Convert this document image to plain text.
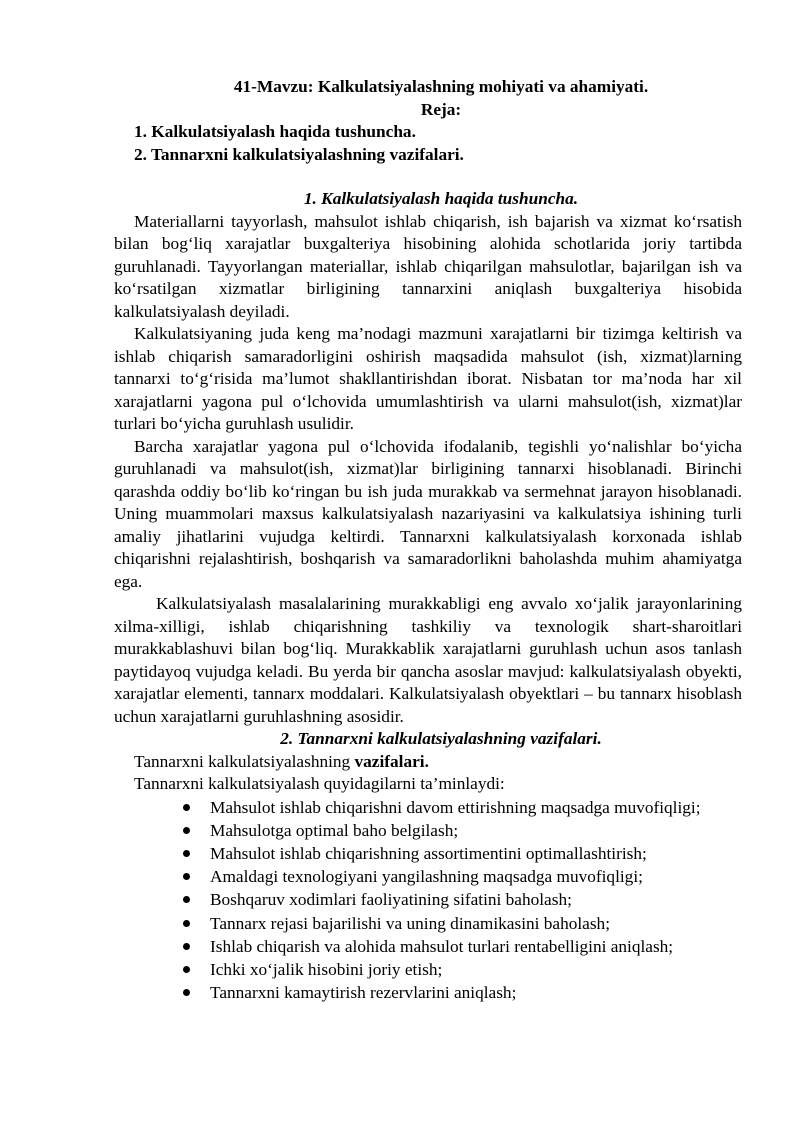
41-Mavzu: Kalkulatsiyalashning mohiyati va ahamiyati.

Reja:

1. Kalkulatsiyalash haqida tushuncha.

2. Tannarxni kalkulatsiyalashning vazifalari.

1. Kalkulatsiyalash haqida tushuncha.

Materiallarni tayyorlash, mahsulot ishlab chiqarish, ish bajarish va xizmat ko‘rsatish bilan bog‘liq xarajatlar buxgalteriya hisobining alohida schotlarida joriy tartibda guruhlanadi. Tayyorlangan materiallar, ishlab chiqarilgan mahsulotlar, bajarilgan ish va ko‘rsatilgan xizmatlar birligining tannarxini aniqlash buxgalteriya hisobida kalkulatsiyalash deyiladi.

Kalkulatsiyaning juda keng ma’nodagi mazmuni xarajatlarni bir tizimga keltirish va ishlab chiqarish samaradorligini oshirish maqsadida mahsulot (ish, xizmat)larning tannarxi to‘g‘risida ma’lumot shakllantirishdan iborat. Nisbatan tor ma’noda har xil xarajatlarni yagona pul o‘lchovida umumlashtirish va ularni mahsulot(ish, xizmat)lar turlari bo‘yicha guruhlash usulidir.

Barcha xarajatlar yagona pul o‘lchovida ifodalanib, tegishli yo‘nalishlar bo‘yicha guruhlanadi va mahsulot(ish, xizmat)lar birligining tannarxi hisoblanadi. Birinchi qarashda oddiy bo‘lib ko‘ringan bu ish juda murakkab va sermehnat jarayon hisoblanadi. Uning muammolari maxsus kalkulatsiyalash nazariyasini va kalkulatsiya ishining turli amaliy jihatlarini vujudga keltirdi. Tannarxni kalkulatsiyalash korxonada ishlab chiqarishni rejalashtirish, boshqarish va samaradorlikni baholashda muhim ahamiyatga ega.

Kalkulatsiyalash masalalarining murakkabligi eng avvalo xo‘jalik jarayonlarining xilma-xilligi, ishlab chiqarishning tashkiliy va texnologik shart-sharoitlari murakkablashuvi bilan bog‘liq. Murakkablik xarajatlarni guruhlash uchun asos tanlash paytidayoq vujudga keladi. Bu yerda bir qancha asoslar mavjud: kalkulatsiyalash obyekti, xarajatlar elementi, tannarx moddalari. Kalkulatsiyalash obyektlari – bu tannarx hisoblash uchun xarajatlarni guruhlashning asosidir.

2. Tannarxni kalkulatsiyalashning vazifalari.

Tannarxni kalkulatsiyalashning vazifalari.

Tannarxni kalkulatsiyalash quyidagilarni ta’minlaydi:

Mahsulot ishlab chiqarishni davom ettirishning maqsadga muvofiqligi;
Mahsulotga optimal baho belgilash;
Mahsulot ishlab chiqarishning assortimentini optimallashtirish;
Amaldagi texnologiyani yangilashning maqsadga muvofiqligi;
Boshqaruv xodimlari faoliyatining sifatini baholash;
Tannarx rejasi bajarilishi va uning dinamikasini baholash;
Ishlab chiqarish va alohida mahsulot turlari rentabelligini aniqlash;
Ichki xo‘jalik hisobini joriy etish;
Tannarxni kamaytirish rezervlarini aniqlash;
